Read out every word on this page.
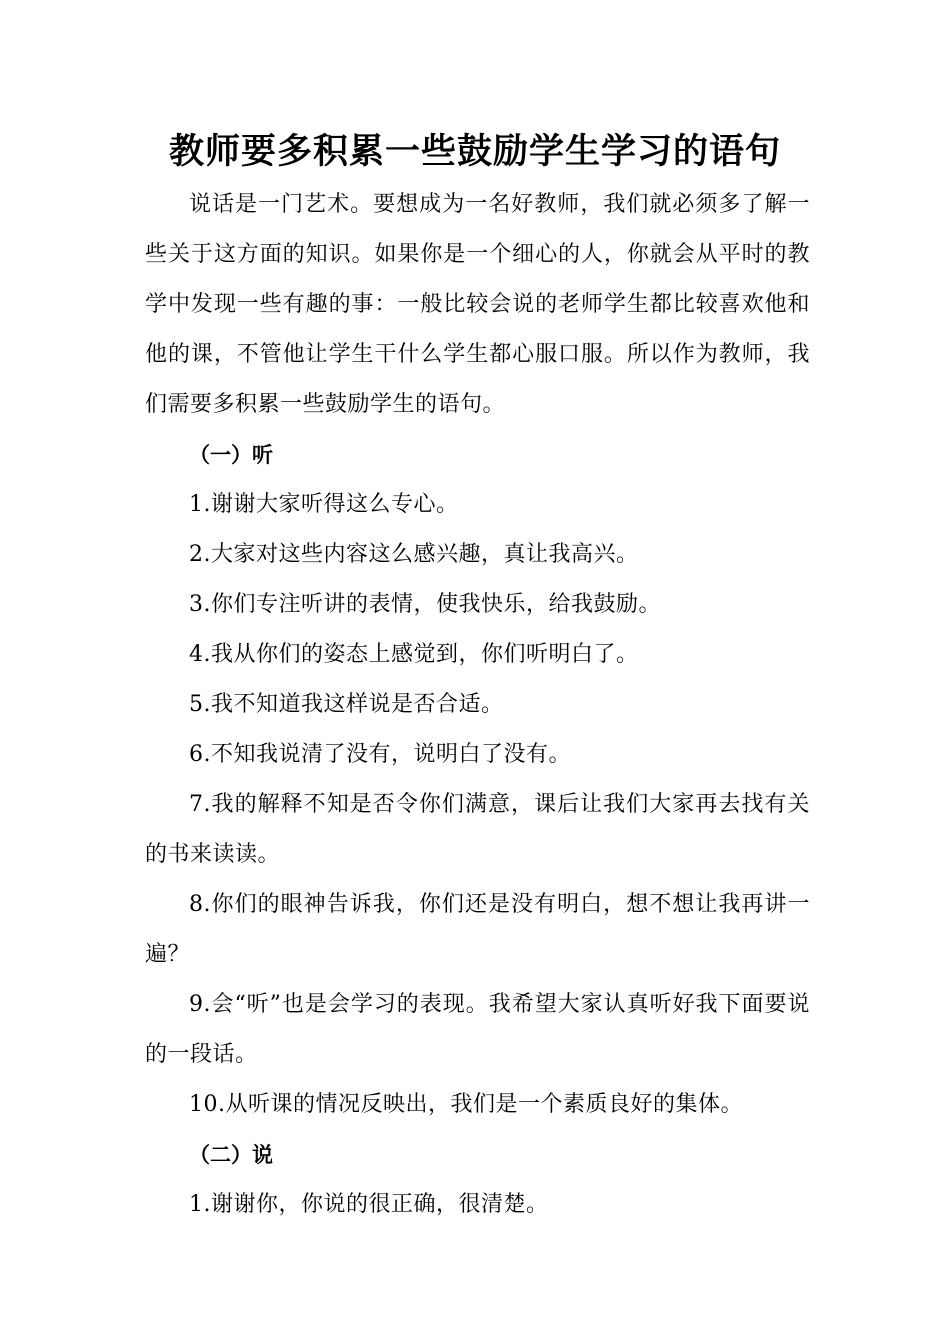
教师要多积累一些鼓励学生学习的语句

说话是一门艺术。要想成为一名好教师，我们就必须多了解一些关于这方面的知识。如果你是一个细心的人，你就会从平时的教学中发现一些有趣的事：一般比较会说的老师学生都比较喜欢他和他的课，不管他让学生干什么学生都心服口服。所以作为教师，我们需要多积累一些鼓励学生的语句。

（一）听

1.谢谢大家听得这么专心。

2.大家对这些内容这么感兴趣，真让我高兴。

3.你们专注听讲的表情，使我快乐，给我鼓励。

4.我从你们的姿态上感觉到，你们听明白了。

5.我不知道我这样说是否合适。

6.不知我说清了没有，说明白了没有。

7.我的解释不知是否令你们满意，课后让我们大家再去找有关的书来读读。

8.你们的眼神告诉我，你们还是没有明白，想不想让我再讲一遍？

9.会“听”也是会学习的表现。我希望大家认真听好我下面要说的一段话。

10.从听课的情况反映出，我们是一个素质良好的集体。

（二）说

1.谢谢你，你说的很正确，很清楚。
